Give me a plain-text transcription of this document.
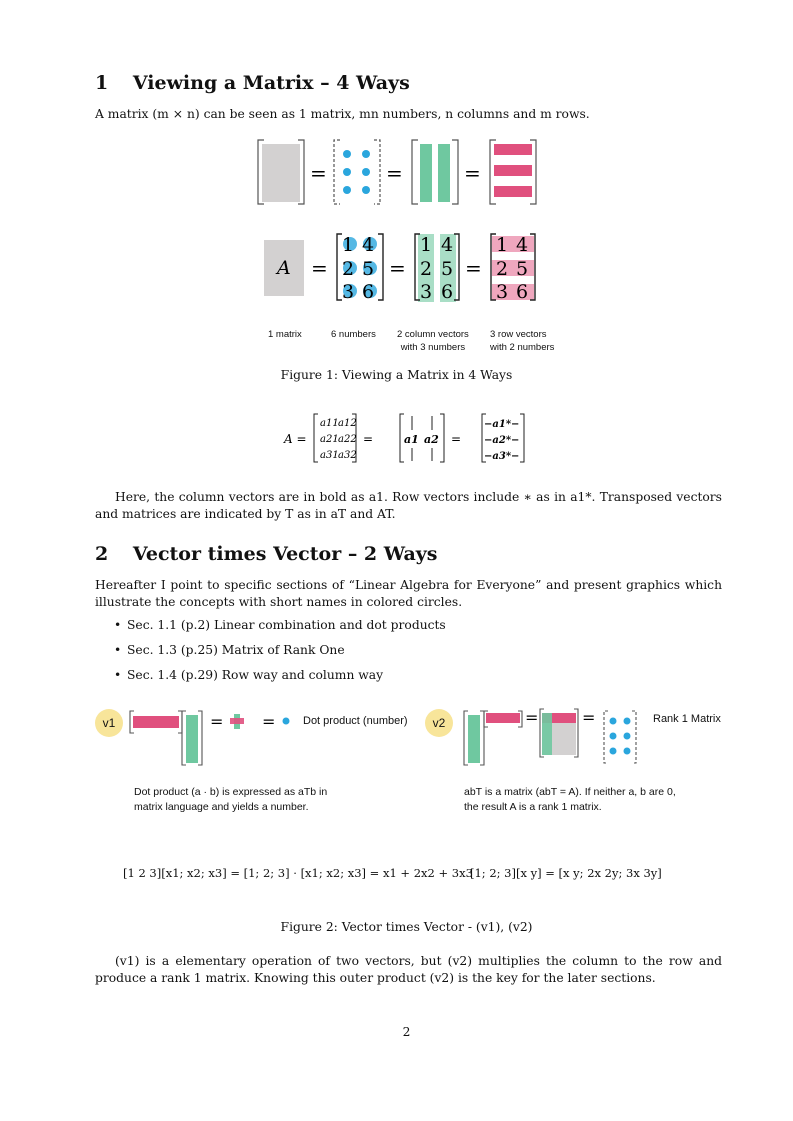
1 Viewing a Matrix – 4 Ways
A matrix (m × n) can be seen as 1 matrix, mn numbers, n columns and m rows.
=	=	=
A =
1 4
2 5
3 6
=
1 4
2 5
3 6
=
1 4
2 5
3 6
1 matrix	6 numbers 2 column vectors
with 3 numbers
3 row vectors
with 2 numbers
Figure 1: Viewing a Matrix in 4 Ways
A =
a11 a12
a21 a22
a31 a32
=	a1 a2 =
−a1*−
−a2*−
−a3*−
Here, the column vectors are in bold as a1. Row vectors include ∗ as in a1*. Transposed vectors and matrices are indicated by T as in aT and AT.
2 Vector times Vector – 2 Ways
Hereafter I point to specific sections of “Linear Algebra for Everyone” and present graphics which illustrate the concepts with short names in colored circles.
• Sec. 1.1 (p.2) Linear combination and dot products
• Sec. 1.3 (p.25) Matrix of Rank One
• Sec. 1.4 (p.29) Row way and column way
v1	= =	Dot product (number)
Dot product (a · b) is expressed as aTb in
matrix language and yields a number.
v2	=	=	Rank 1 Matrix
abT is a matrix (abT = A). If neither a, b are 0,
the result A is a rank 1 matrix.
[1 2 3][x1; x2; x3] = [1; 2; 3] · [x1; x2; x3] = x1 + 2x2 + 3x3
[1; 2; 3][x y] = [x y; 2x 2y; 3x 3y]
Figure 2: Vector times Vector - (v1), (v2)
(v1) is a elementary operation of two vectors, but (v2) multiplies the column to the row and produce a rank 1 matrix. Knowing this outer product (v2) is the key for the later sections.
2
